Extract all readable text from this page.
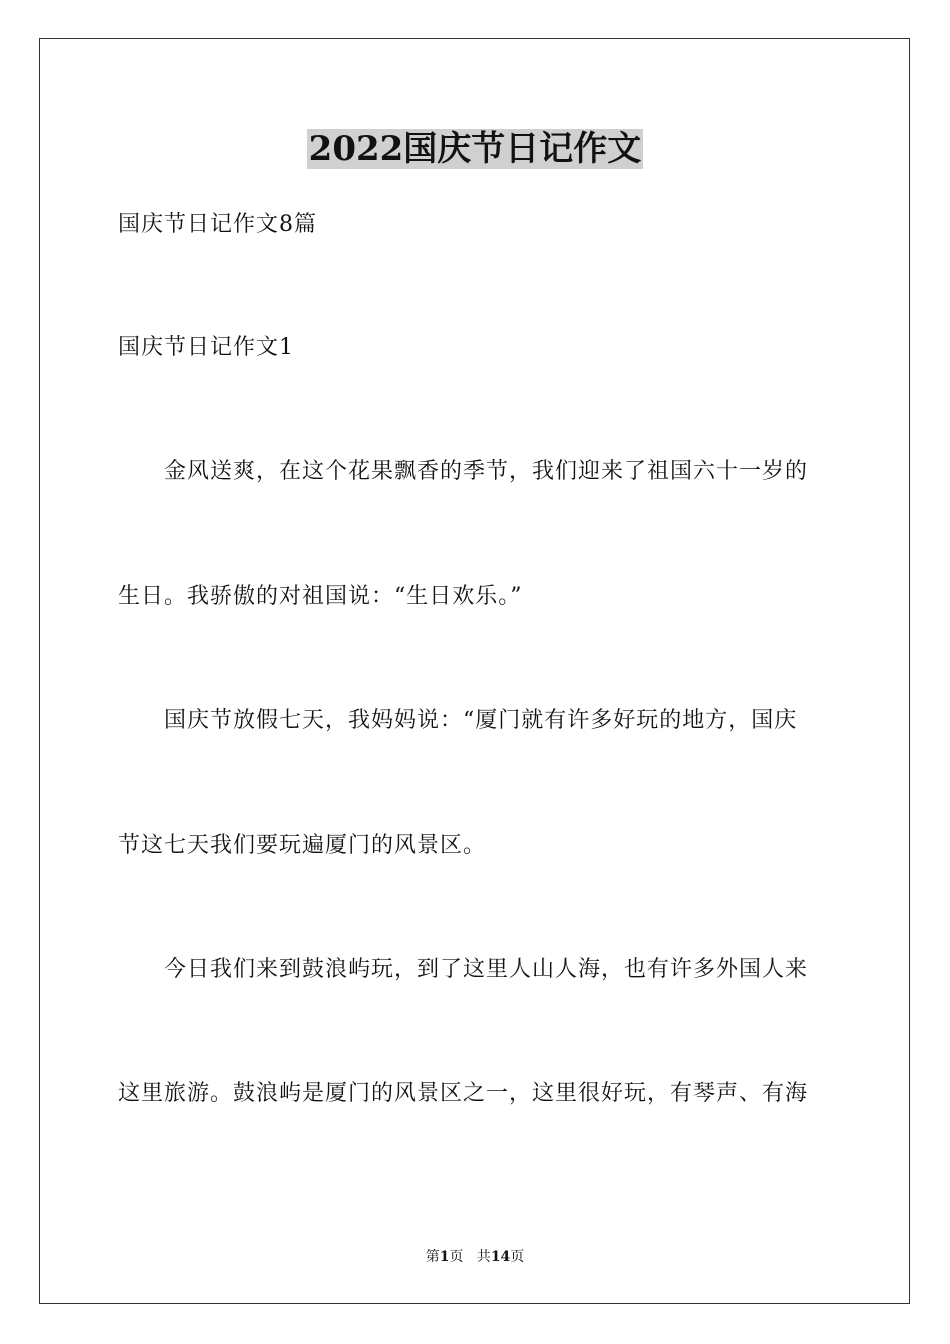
2022国庆节日记作文
国庆节日记作文8篇
国庆节日记作文1
金风送爽，在这个花果飘香的季节，我们迎来了祖国六十一岁的
生日。我骄傲的对祖国说：“生日欢乐。”
国庆节放假七天，我妈妈说：“厦门就有许多好玩的地方，国庆
节这七天我们要玩遍厦门的风景区。
今日我们来到鼓浪屿玩，到了这里人山人海，也有许多外国人来
这里旅游。鼓浪屿是厦门的风景区之一，这里很好玩，有琴声、有海
第1页   共14页
